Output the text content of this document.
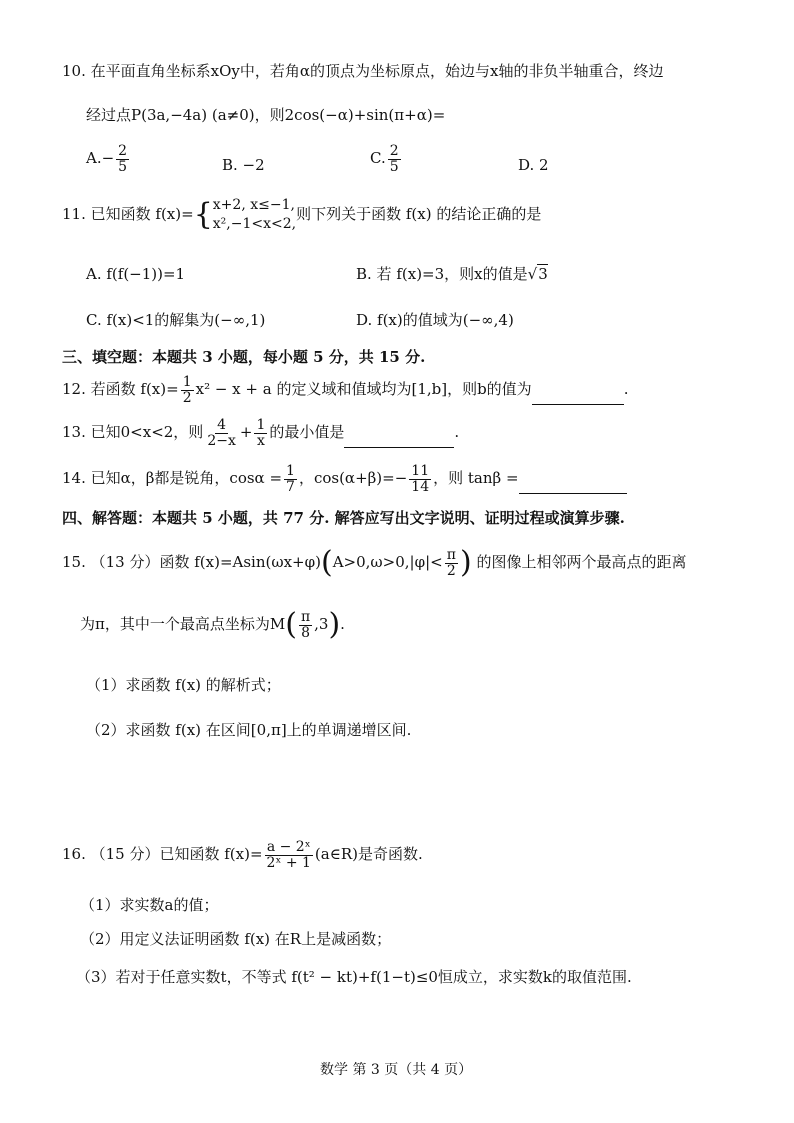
10. 在平面直角坐标系xOy中，若角α的顶点为坐标原点，始边与x轴的非负半轴重合，终边
经过点P(3a,−4a) (a≠0)，则2cos(−α)+sin(π+α)=
$A.- \frac{2}{5}$	B. −2	C. $\frac{2}{5}$	D. 2
11. 已知函数 f(x)= { x+2, x≤−1,
x²,−1<x<2,
则下列关于函数 f(x) 的结论正确的是
A. f(f(−1))=1	B. 若 f(x)=3，则x的值是√3
C. f(x)<1的解集为(−∞,1)	D. f(x)的值域为(−∞,4)
三、填空题：本题共 3 小题，每小题 5 分，共 15 分.
12. 若函数 $f(x)= \frac{1}{2} x^2 - x + a$ 的定义域和值域均为[1,b]，则b的值为	.
13. 已知0<x<2，则 $\frac{4}{2-x} + \frac{1}{x}$ 的最小值是	.
14. 已知α，β都是锐角，$\cos\alpha = \frac{1}{7}$ ，$\cos(\alpha+\beta)=- \frac{11}{14}$ ，则 tanβ =
四、解答题：本题共 5 小题，共 77 分. 解答应写出文字说明、证明过程或演算步骤.
15. （13 分）函数 $f(x)=Asin(\omega x+\varphi)(A>0,\omega>0,|\varphi|< \frac{\pi}{2}$ ) 的图像上相邻两个最高点的距离
为π，其中一个最高点坐标为$M( \frac{\pi}{8} ,3)$.
（1）求函数 f(x) 的解析式；
（2）求函数 f(x) 在区间[0,π]上的单调递增区间.
16. （15 分）已知函数 $f(x)= \frac{\text{a − 2ˣ}}{\text{2ˣ + 1}}$ (a∈R)是奇函数.
（1）求实数a的值；
（2）用定义法证明函数 f(x) 在R上是减函数；
（3）若对于任意实数t，不等式 f(t² − kt)+f(1−t)≤0恒成立，求实数k的取值范围.
数学 第 3 页（共 4 页）
